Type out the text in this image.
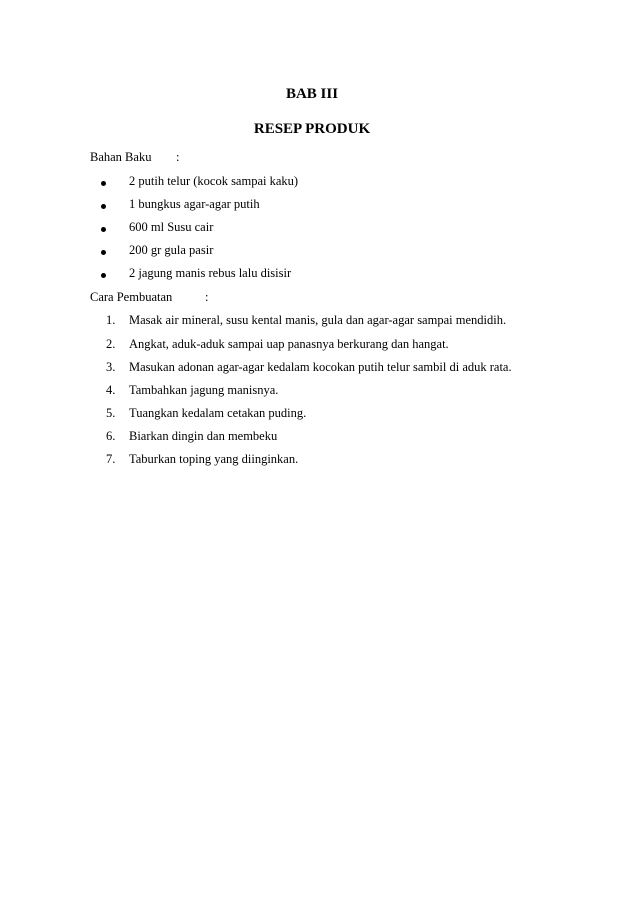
BAB III
RESEP PRODUK
Bahan Baku :
2 putih telur (kocok sampai kaku)
1 bungkus agar-agar putih
600 ml Susu cair
200 gr gula pasir
2 jagung manis rebus lalu disisir
Cara Pembuatan	:
1. Masak air mineral, susu kental manis, gula dan agar-agar sampai mendidih.
2. Angkat, aduk-aduk sampai uap panasnya berkurang dan hangat.
3. Masukan adonan agar-agar kedalam kocokan putih telur sambil di aduk rata.
4. Tambahkan jagung manisnya.
5. Tuangkan kedalam cetakan puding.
6. Biarkan dingin dan membeku
7. Taburkan toping yang diinginkan.
